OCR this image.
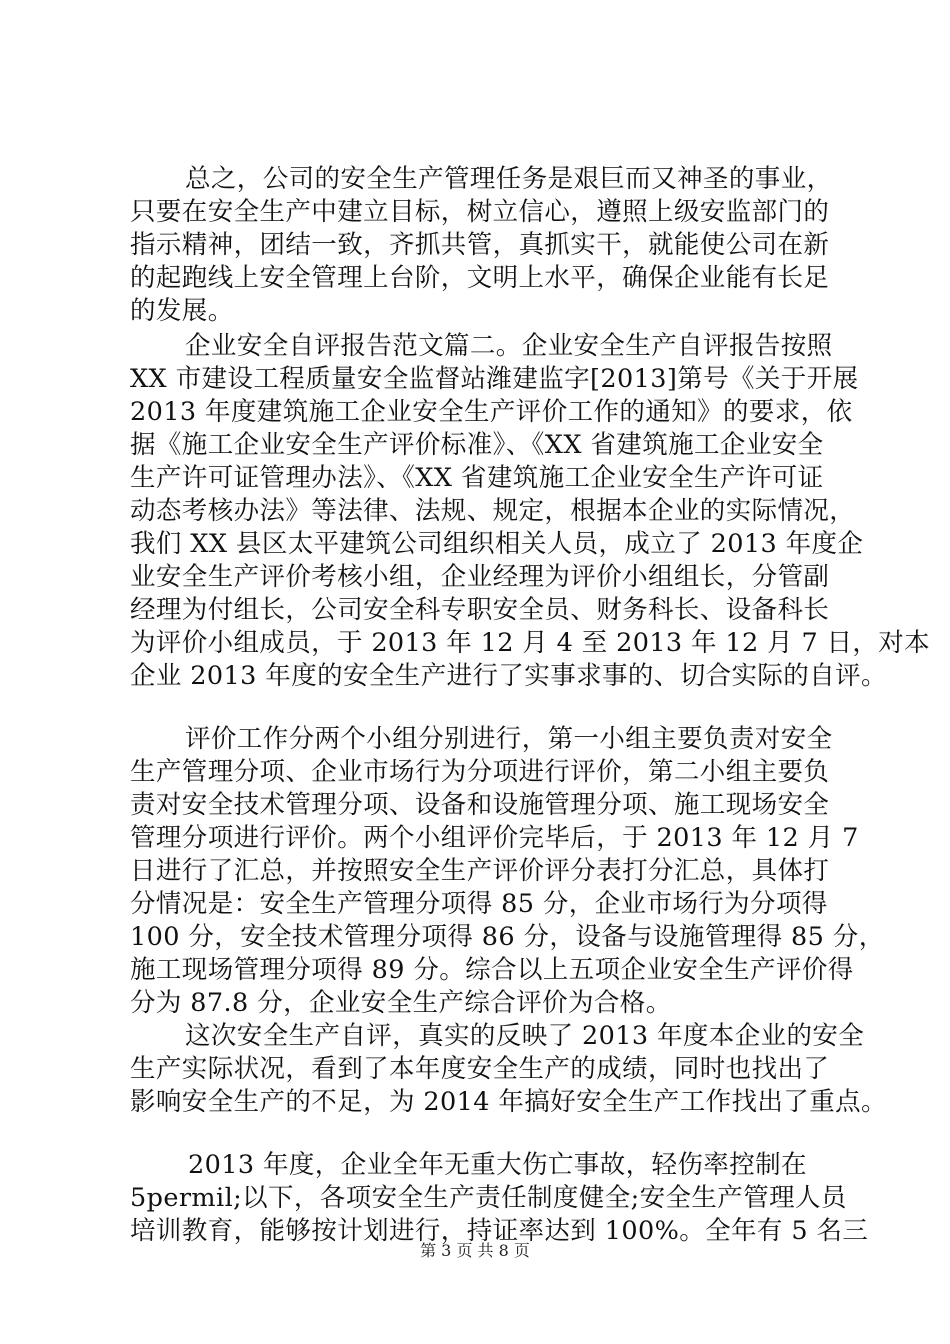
总之，公司的安全生产管理任务是艰巨而又神圣的事业，
只要在安全生产中建立目标，树立信心，遵照上级安监部门的
指示精神，团结一致，齐抓共管，真抓实干，就能使公司在新
的起跑线上安全管理上台阶，文明上水平，确保企业能有长足
的发展。
企业安全自评报告范文篇二。企业安全生产自评报告按照
XX 市建设工程质量安全监督站潍建监字[2013]第号《关于开展
2013 年度建筑施工企业安全生产评价工作的通知》的要求，依
据《施工企业安全生产评价标准》、《XX 省建筑施工企业安全
生产许可证管理办法》、《XX 省建筑施工企业安全生产许可证
动态考核办法》等法律、法规、规定，根据本企业的实际情况，
我们 XX 县区太平建筑公司组织相关人员，成立了 2013 年度企
业安全生产评价考核小组，企业经理为评价小组组长，分管副
经理为付组长，公司安全科专职安全员、财务科长、设备科长
为评价小组成员，于 2013 年 12 月 4 至 2013 年 12 月 7 日，对本
企业 2013 年度的安全生产进行了实事求事的、切合实际的自评。
评价工作分两个小组分别进行，第一小组主要负责对安全
生产管理分项、企业市场行为分项进行评价，第二小组主要负
责对安全技术管理分项、设备和设施管理分项、施工现场安全
管理分项进行评价。两个小组评价完毕后，于 2013 年 12 月 7
日进行了汇总，并按照安全生产评价评分表打分汇总，具体打
分情况是：安全生产管理分项得 85 分，企业市场行为分项得
100 分，安全技术管理分项得 86 分，设备与设施管理得 85 分，
施工现场管理分项得 89 分。综合以上五项企业安全生产评价得
分为 87.8 分，企业安全生产综合评价为合格。
这次安全生产自评，真实的反映了 2013 年度本企业的安全
生产实际状况，看到了本年度安全生产的成绩，同时也找出了
影响安全生产的不足，为 2014 年搞好安全生产工作找出了重点。
2013 年度，企业全年无重大伤亡事故，轻伤率控制在
5permil;以下，各项安全生产责任制度健全;安全生产管理人员
培训教育，能够按计划进行，持证率达到 100%。全年有 5 名三
第 3 页 共 8 页
